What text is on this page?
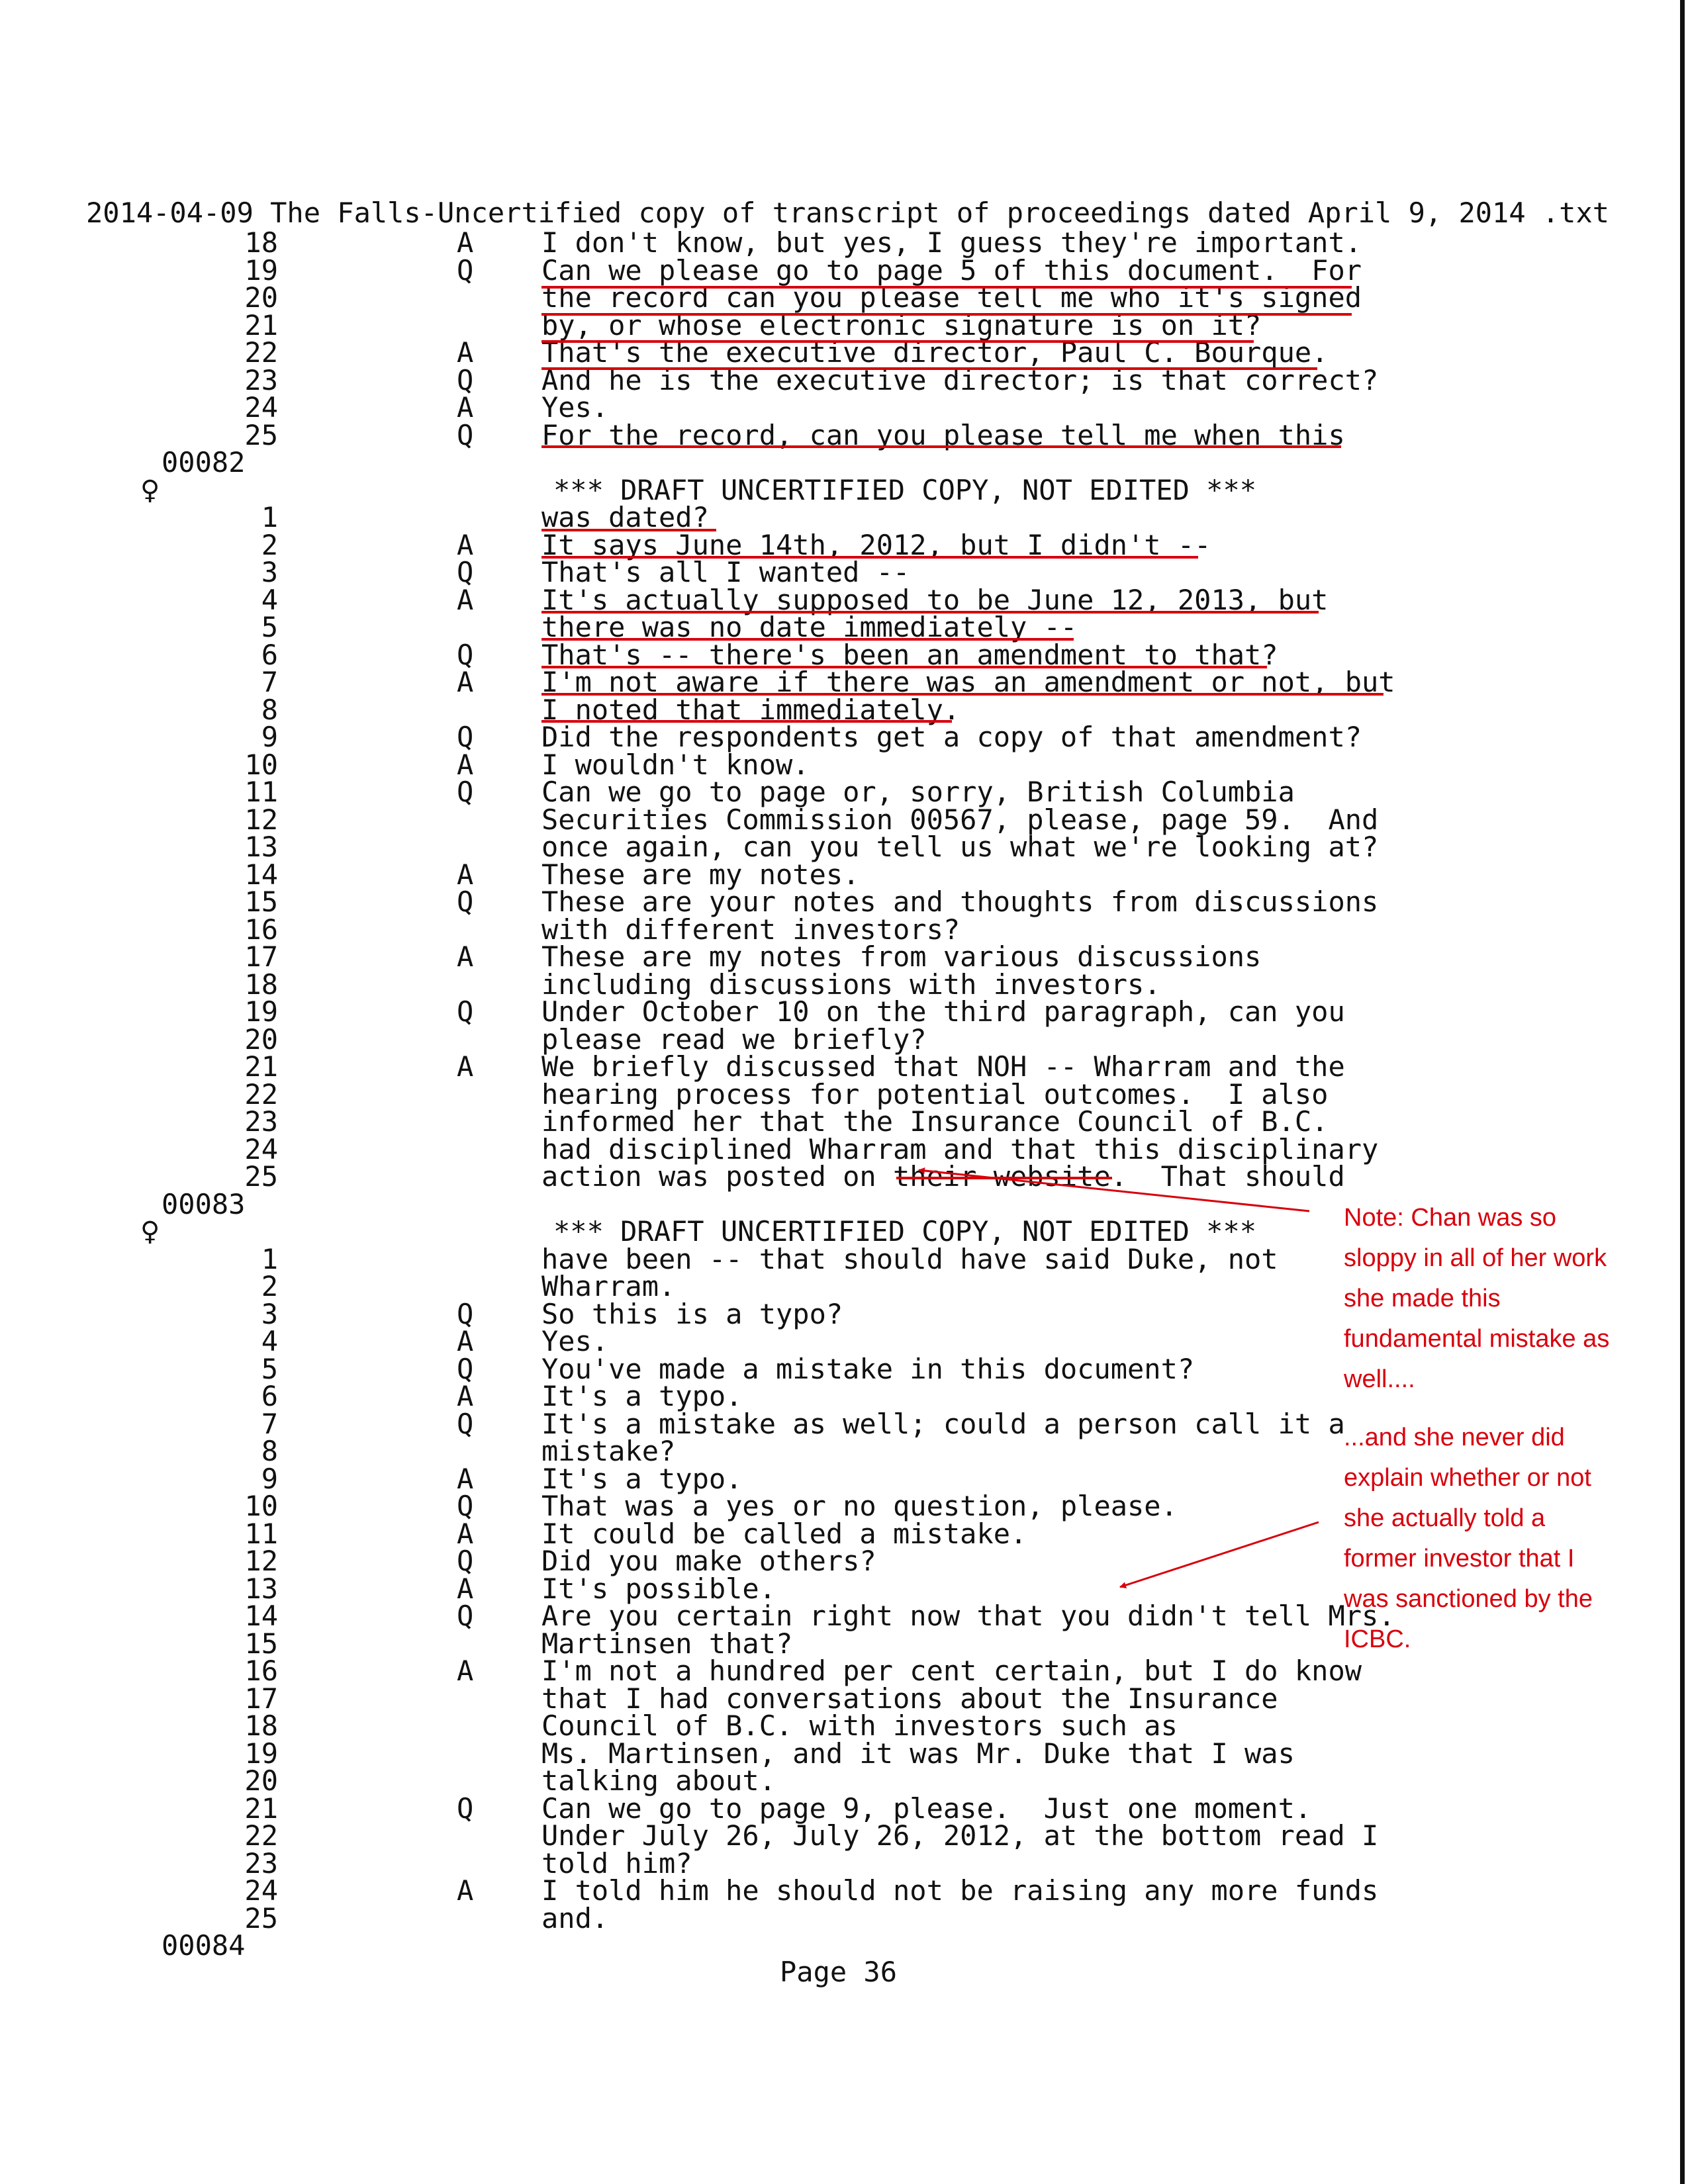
2014-04-09 The Falls-Uncertified copy of transcript of proceedings dated April 9, 2014 .txt
18	A I don't know, but yes, I guess they're important.
19	Q Can we please go to page 5 of this document.  For
20	the record can you please tell me who it's signed
21	by, or whose electronic signature is on it?
22	A That's the executive director, Paul C. Bourque.
23	Q And he is the executive director; is that correct?
24	A Yes.
25	Q For the record, can you please tell me when this
00082
♀	*** DRAFT UNCERTIFIED COPY, NOT EDITED ***
1	was dated?
2	A It says June 14th, 2012, but I didn't --
3	Q That's all I wanted --
4	A It's actually supposed to be June 12, 2013, but
5	there was no date immediately --
6	Q That's -- there's been an amendment to that?
7	A I'm not aware if there was an amendment or not, but
8	I noted that immediately.
9	Q Did the respondents get a copy of that amendment?
10	A I wouldn't know.
11	Q Can we go to page or, sorry, British Columbia
12	Securities Commission 00567, please, page 59.  And
13	once again, can you tell us what we're looking at?
14	A These are my notes.
15	Q These are your notes and thoughts from discussions
16	with different investors?
17	A These are my notes from various discussions
18	including discussions with investors.
19	Q Under October 10 on the third paragraph, can you
20	please read we briefly?
21	A We briefly discussed that NOH -- Wharram and the
22	hearing process for potential outcomes.  I also
23	informed her that the Insurance Council of B.C.
24	had disciplined Wharram and that this disciplinary
25	action was posted on their website.  That should
00083
♀	*** DRAFT UNCERTIFIED COPY, NOT EDITED ***
1	have been -- that should have said Duke, not
2	Wharram.
3	Q So this is a typo?
4	A Yes.
5	Q You've made a mistake in this document?
6	A It's a typo.
7	Q It's a mistake as well; could a person call it a
8	mistake?
9	A It's a typo.
10	Q That was a yes or no question, please.
11	A It could be called a mistake.
12	Q Did you make others?
13	A It's possible.
14	Q Are you certain right now that you didn't tell Mrs.
15	Martinsen that?
16	A I'm not a hundred per cent certain, but I do know
17	that I had conversations about the Insurance
18	Council of B.C. with investors such as
19	Ms. Martinsen, and it was Mr. Duke that I was
20	talking about.
21	Q Can we go to page 9, please.  Just one moment.
22	Under July 26, July 26, 2012, at the bottom read I
23	told him?
24	A I told him he should not be raising any more funds
25	and.
00084
Page 36
Note: Chan was so
sloppy in all of her work
she made this
fundamental mistake as
well....
...and she never did
explain whether or not
she actually told a
former investor that I
was sanctioned by the
ICBC.
